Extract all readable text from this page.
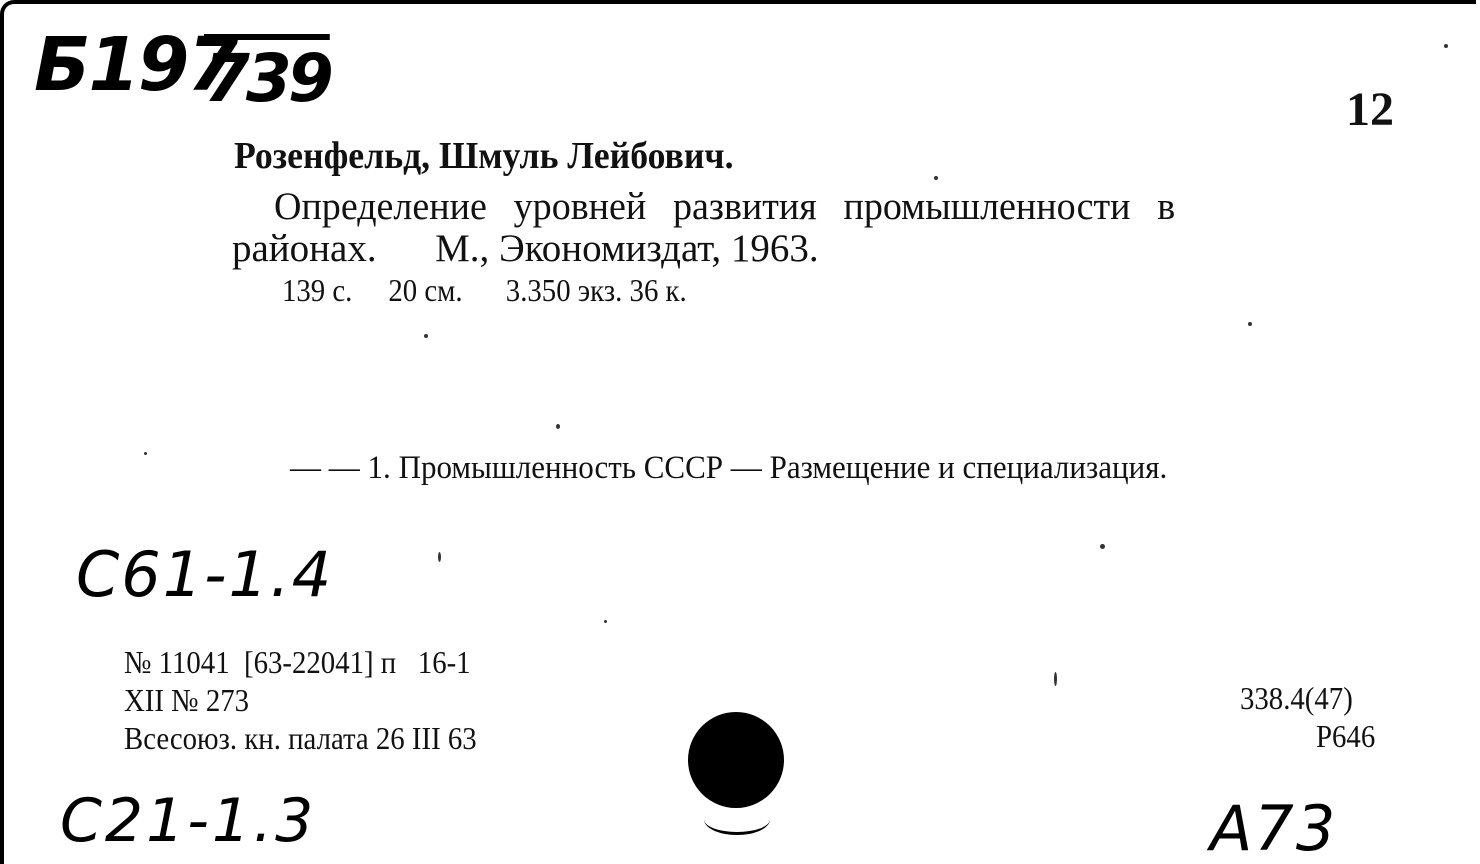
Б197
739	12
Розенфельд, Шмуль Лейбович.
Определение  уровней  развития  промышленности  в
районах.      М., Экономиздат, 1963.
139 с.     20 см.      3.350 экз. 36 к.
— — 1. Промышленность СССР — Размещение и специализация.
С61-1.4
№ 11041  [63-22041] п   16-1
XII № 273
Всесоюз. кн. палата 26 III 63
338.4(47)
Р646
С21-1.3	А73
